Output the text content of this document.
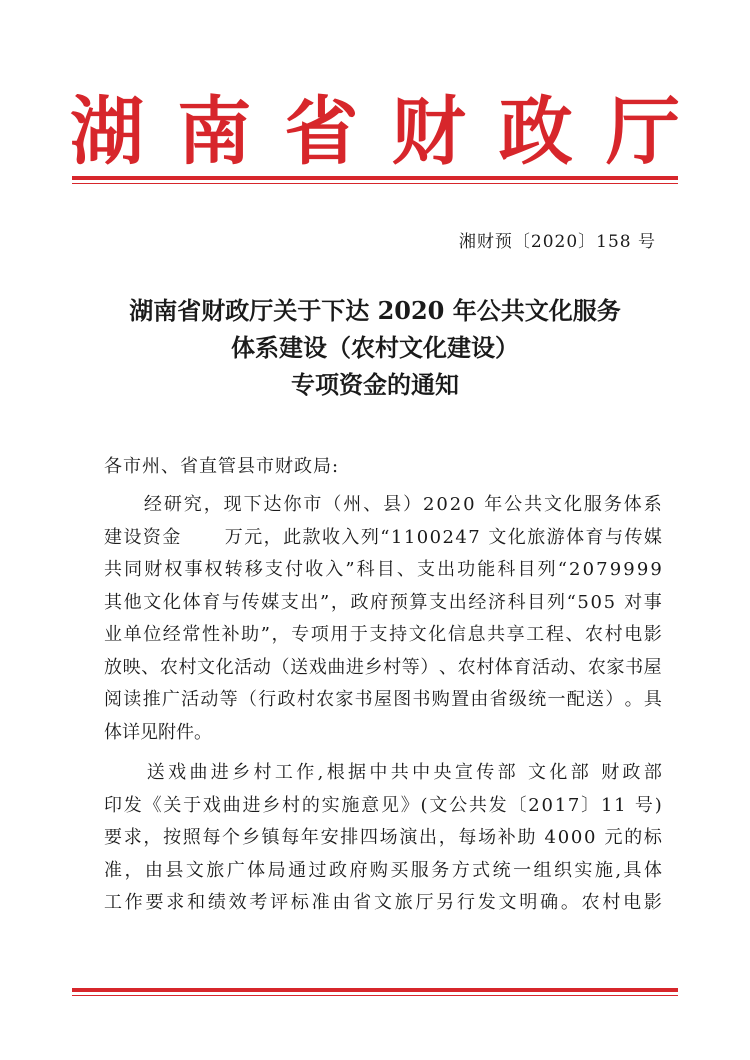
湖 南 省 财 政 厅
湘财预〔2020〕158 号
湖南省财政厅关于下达 2020 年公共文化服务
体系建设（农村文化建设）
专项资金的通知
各市州、省直管县市财政局:

经 研 究 ， 现 下 达 你 市 （ 州 、 县 ） 2 0 2 0
年 公 共 文 化 服 务 体 系
建 设 资 金

万 元 ， 此 款 收 入 列 “ 1 1 0 0 2 4 7
文 化 旅 游 体 育 与 传 媒
共 同 财 权 事 权 转 移 支 付 收 入 ” 科 目 、 支 出 功 能 科 目 列 “ 2 0 7 9 9 9 9
其 他 文 化 体 育 与 传 媒 支 出 ” ， 政 府 预 算 支 出 经 济 科 目 列 “ 5 0 5
对 事
业 单 位 经 常 性 补 助 ” ， 专 项 用 于 支 持 文 化 信 息 共 享 工 程 、 农 村 电 影
放 映 、 农 村 文 化 活 动 （ 送 戏 曲 进 乡 村 等 ） 、 农 村 体 育 活 动 、 农 家 书 屋
阅 读 推 广 活 动 等 （ 行 政 村 农 家 书 屋 图 书 购 置 由 省 级 统 一 配 送 ） 。 具
体 详 见 附 件 。

送 戏 曲 进 乡 村 工 作 , 根 据 中 共 中 央 宣 传 部
文 化 部
财 政 部
印 发 《 关 于 戏 曲 进 乡 村 的 实 施 意 见 》 ( 文 公 共 发 〔 2 0 1 7 〕 1 1
号 )
要 求 ， 按 照 每 个 乡 镇 每 年 安 排 四 场 演 出 ， 每 场 补 助
4 0 0 0
元 的 标
准 ， 由 县 文 旅 广 体 局 通 过 政 府 购 买 服 务 方 式 统 一 组 织 实 施 , 具 体
工 作 要 求 和 绩 效 考 评 标 准 由 省 文 旅 厅 另 行 发 文 明 确 。 农 村 电 影
